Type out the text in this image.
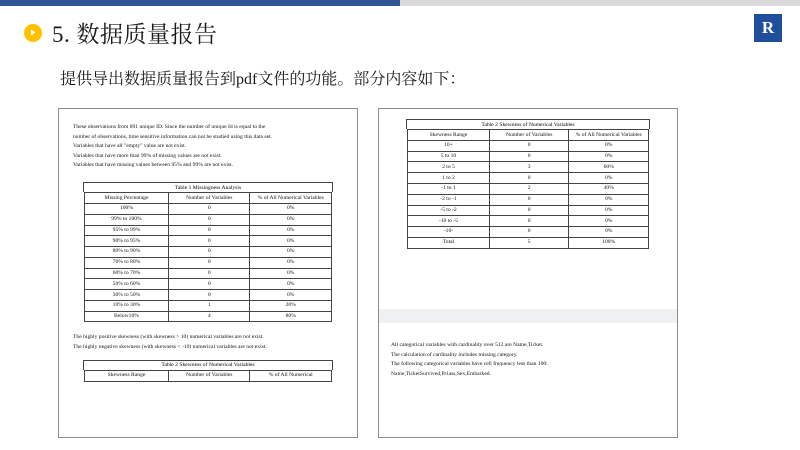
5. 数据质量报告	R
提供导出数据质量报告到pdf文件的功能。部分内容如下：

These observations from 891 unique ID. Since the number of unique Id is equal to the

number of observations, time sensitive information can not be studied using this data set.

Variables that have all "empty" value are not exist.

Variables that have more than 99% of missing values are not exist.

Variables that have missing values between 95% and 99% are not exist.

Table 1 Missingness Analysis
Missing Percentage	Number of Variables	% of All Numerical Variables
100%	0	0%
99% to 100%	0	0%
95% to 99%	0	0%
90% to 95%	0	0%
80% to 90%	0	0%
70% to 80%	0	0%
60% to 70%	0	0%
50% to 60%	0	0%
30% to 50%	0	0%
10% to 30%	1	20%
Below10%	4	80%

The highly positive skewness (with skewness > 10) numerical variables are not exist.

The highly negative skewness (with skewness < -10) numerical variables are not exist.

Table 2 Skewness of Numerical Variables
Skewness Range	Number of Variables	% of All Numerical
Table 2 Skewness of Numerical Variables
Skewness Range	Number of Variables	% of All Numerical Variables
10+	0	0%
5 to 10	0	0%
2 to 5	3	60%
1 to 2	0	0%
-1 to 1	2	40%
-2 to -1	0	0%
-5 to -2	0	0%
-10 to -5	0	0%
-10-	0	0%
Total	5	100%

All categorical variables with cardinality over 512 are Name,Ticket.

The calculation of cardinality includes missing category.

The following categorical variables have cell frequency less than 100:

Name,TicketSurvived,Pclass,Sex,Embarked.
